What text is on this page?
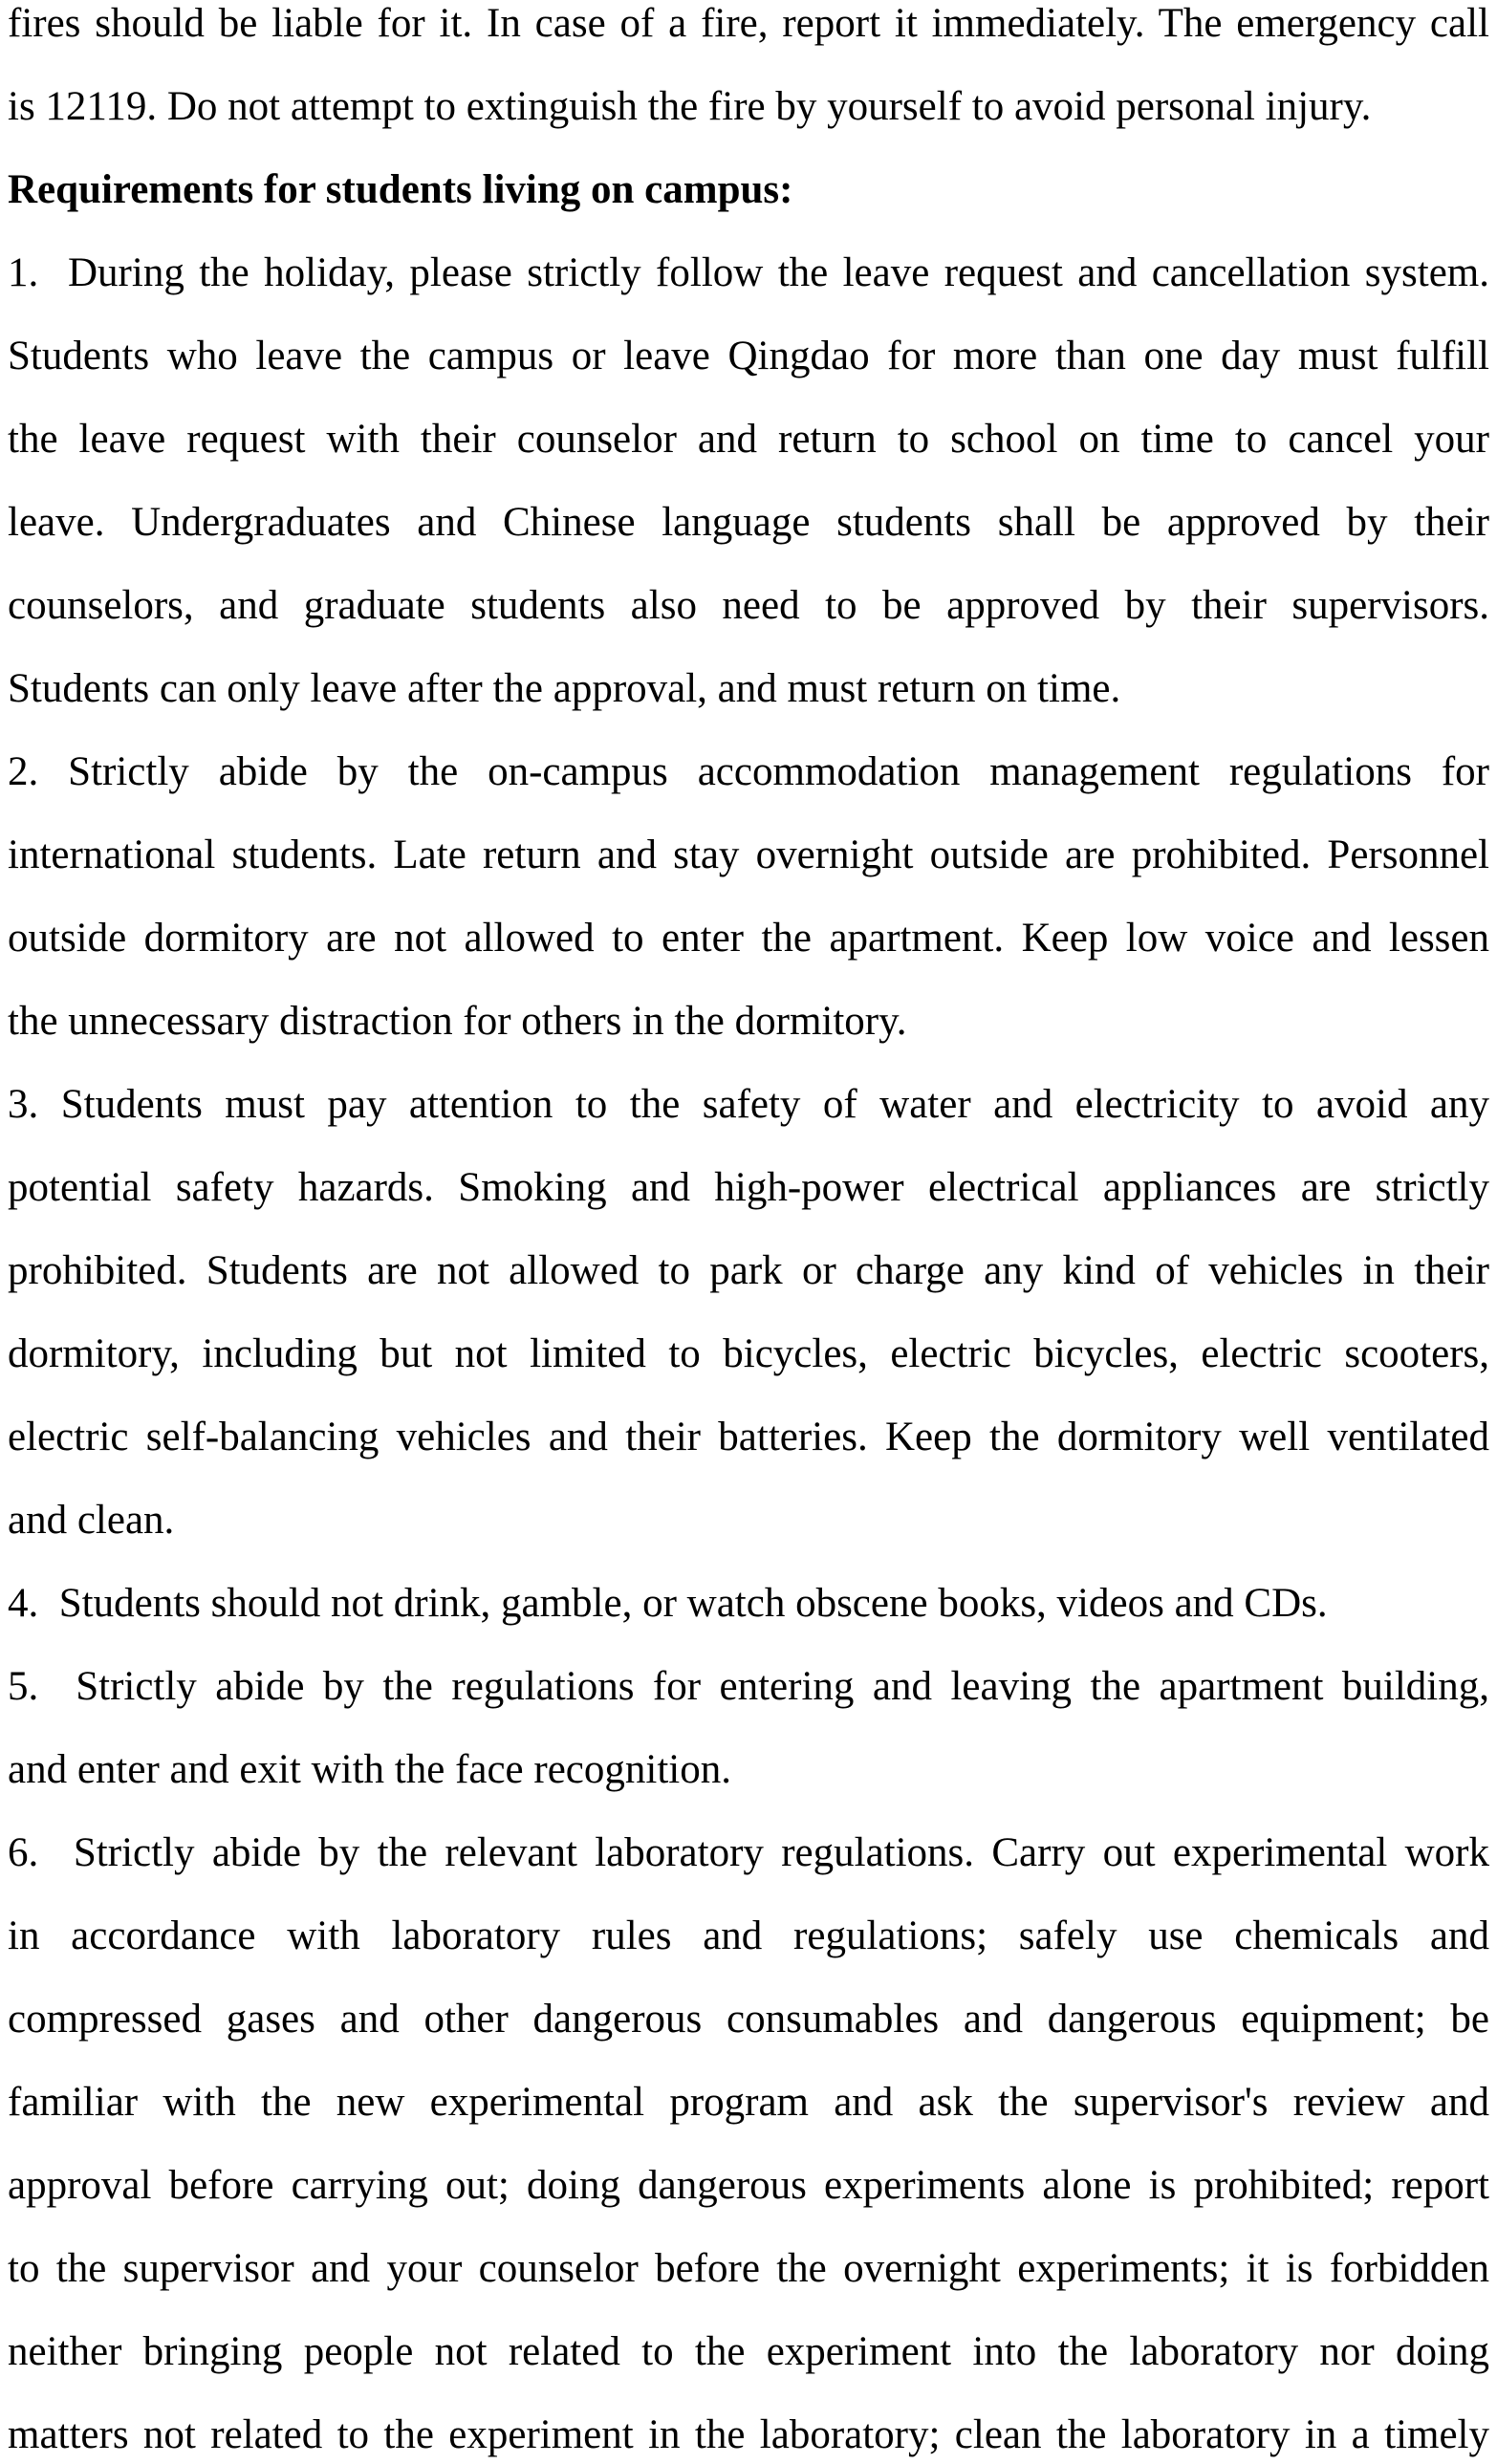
fires should be liable for it. In case of a fire, report it immediately. The emergency call
is 12119. Do not attempt to extinguish the fire by yourself to avoid personal injury.
Requirements for students living on campus:
1.  During the holiday, please strictly follow the leave request and cancellation system.
Students who leave the campus or leave Qingdao for more than one day must fulfill
the leave request with their counselor and return to school on time to cancel your
leave. Undergraduates and Chinese language students shall be approved by their
counselors, and graduate students also need to be approved by their supervisors.
Students can only leave after the approval, and must return on time.
2. Strictly abide by the on-campus accommodation management regulations for
international students. Late return and stay overnight outside are prohibited. Personnel
outside dormitory are not allowed to enter the apartment. Keep low voice and lessen
the unnecessary distraction for others in the dormitory.
3. Students must pay attention to the safety of water and electricity to avoid any
potential safety hazards. Smoking and high-power electrical appliances are strictly
prohibited. Students are not allowed to park or charge any kind of vehicles in their
dormitory, including but not limited to bicycles, electric bicycles, electric scooters,
electric self-balancing vehicles and their batteries. Keep the dormitory well ventilated
and clean.
4.  Students should not drink, gamble, or watch obscene books, videos and CDs.
5.  Strictly abide by the regulations for entering and leaving the apartment building,
and enter and exit with the face recognition.
6.  Strictly abide by the relevant laboratory regulations. Carry out experimental work
in accordance with laboratory rules and regulations; safely use chemicals and
compressed gases and other dangerous consumables and dangerous equipment; be
familiar with the new experimental program and ask the supervisor's review and
approval before carrying out; doing dangerous experiments alone is prohibited; report
to the supervisor and your counselor before the overnight experiments; it is forbidden
neither bringing people not related to the experiment into the laboratory nor doing
matters not related to the experiment in the laboratory; clean the laboratory in a timely
